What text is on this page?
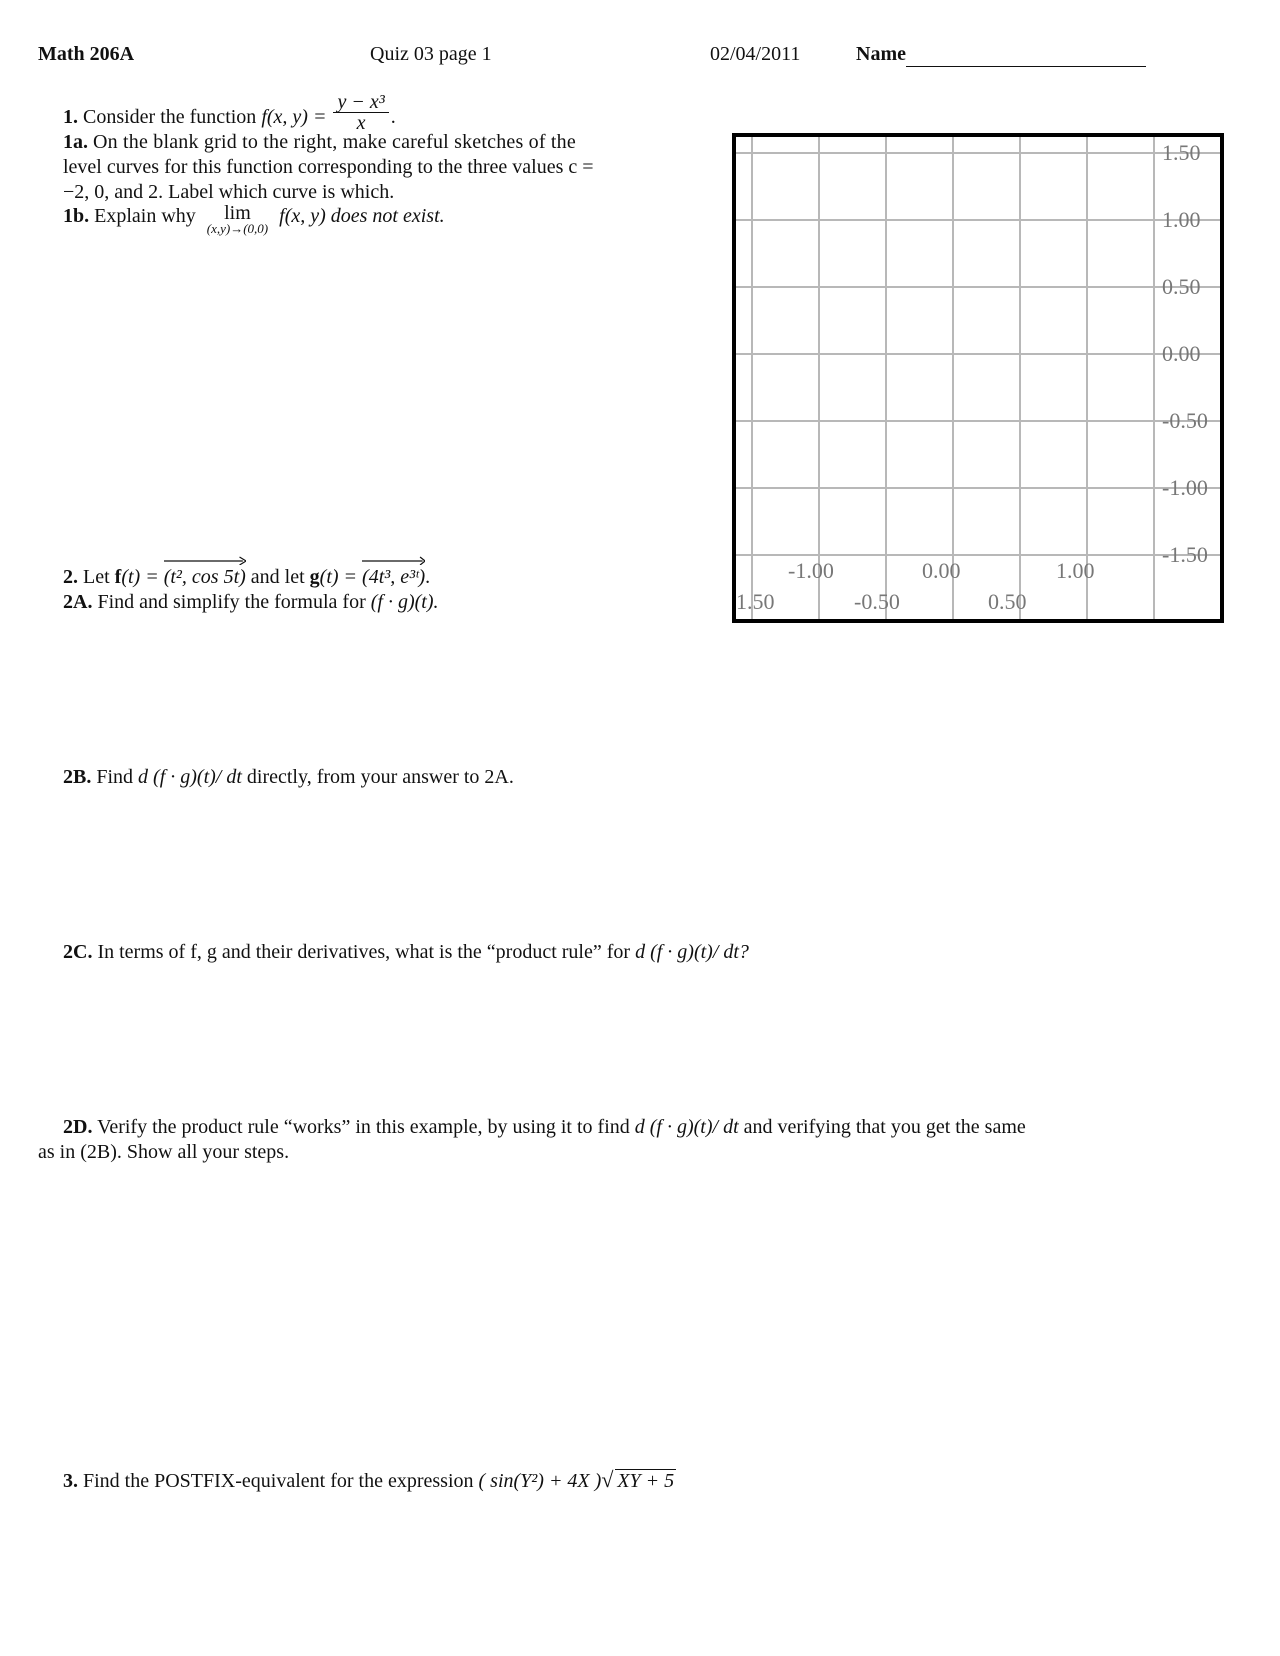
Math 206A	Quiz 03 page 1	02/04/2011	Name
1. Consider the function f(x, $y) = \frac{\text{y − x³}}{x}$ .
1a. On the blank grid to the right, make careful sketches of the
level curves for this function corresponding to the three values c =
−2, 0, and 2. Label which curve is which.
1b. Explain why lim
(x,y)→(0,0)
f(x, y) does not exist.
1.50
1.00
0.50
0.00
-0.50
-1.00
-1.50
-1.00	0.00	1.00
1.50	-0.50	0.50
2. Let f(t) = (t², cos 5t) and let g(t) = (4t³, e³ᵗ).
2A. Find and simplify the formula for (f · g)(t).
2B. Find d (f · g)(t)/ dt directly, from your answer to 2A.
2C. In terms of f, g and their derivatives, what is the “product rule” for d (f · g)(t)/ dt?
2D. Verify the product rule “works” in this example, by using it to find d (f · g)(t)/ dt and verifying that you get the same
as in (2B). Show all your steps.
3. Find the POSTFIX-equivalent for the expression ( sin(Y²) + 4X ) √ XY + 5
